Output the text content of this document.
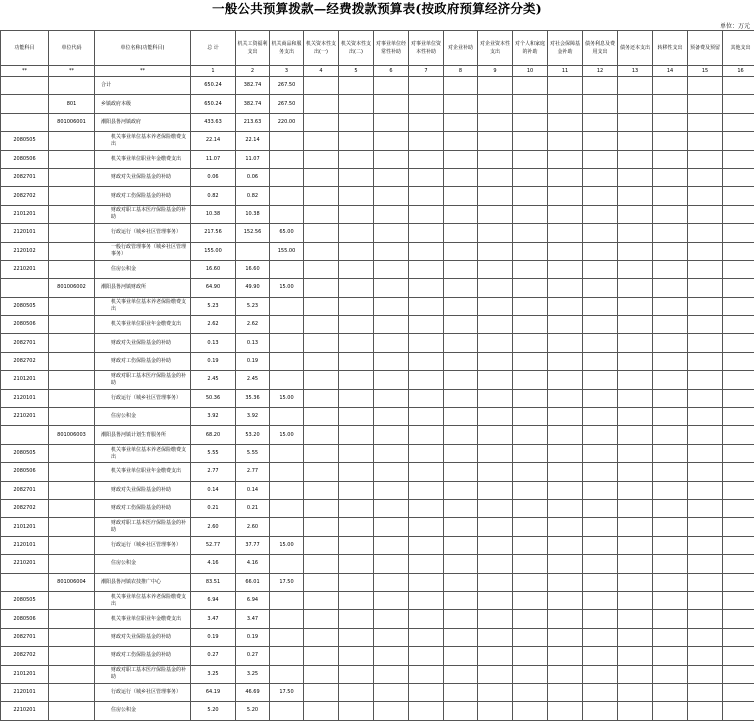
一般公共预算拨款—经费拨款预算表(按政府预算经济分类)
单位：万元
功能科目	单位代码	单位名称(功能科目)	总 计	机关工资福利支出	机关商品和服务支出	机关资本性支出(一)	机关资本性支出(二)	对事业单位经常性补助	对事业单位资本性补助	对企业补助	对企业资本性支出	对个人和家庭的补助	对社会保障基金补助	债务利息及费用支出	债务还本支出	转移性支出	预备费及预留	其他支出
**	**	**	1	2	3	4	5	6	7	8	9	10	11	12	13	14	15	16
		合计	650.24	382.74	267.50													
	801	乡镇政府本级	650.24	382.74	267.50													
	801006001	潮阳县鲁河镇政府	433.63	213.63	220.00													
2080505		机关事业单位基本养老保险缴费支出	22.14	22.14														
2080506		机关事业单位职业年金缴费支出	11.07	11.07														
2082701		财政对失业保险基金的补助	0.06	0.06														
2082702		财政对工伤保险基金的补助	0.82	0.82														
2101201		财政对职工基本医疗保险基金的补助	10.38	10.38														
2120101		行政运行（城乡社区管理事务）	217.56	152.56	65.00													
2120102		一般行政管理事务（城乡社区管理事务）	155.00		155.00													
2210201		住房公积金	16.60	16.60														
	801006002	潮阳县鲁河镇财政所	64.90	49.90	15.00													
2080505		机关事业单位基本养老保险缴费支出	5.23	5.23														
2080506		机关事业单位职业年金缴费支出	2.62	2.62														
2082701		财政对失业保险基金的补助	0.13	0.13														
2082702		财政对工伤保险基金的补助	0.19	0.19														
2101201		财政对职工基本医疗保险基金的补助	2.45	2.45														
2120101		行政运行（城乡社区管理事务）	50.36	35.36	15.00													
2210201		住房公积金	3.92	3.92														
	801006003	潮阳县鲁河镇计划生育服务所	68.20	53.20	15.00													
2080505		机关事业单位基本养老保险缴费支出	5.55	5.55														
2080506		机关事业单位职业年金缴费支出	2.77	2.77														
2082701		财政对失业保险基金的补助	0.14	0.14														
2082702		财政对工伤保险基金的补助	0.21	0.21														
2101201		财政对职工基本医疗保险基金的补助	2.60	2.60														
2120101		行政运行（城乡社区管理事务）	52.77	37.77	15.00													
2210201		住房公积金	4.16	4.16														
	801006004	潮阳县鲁河镇农技推广中心	83.51	66.01	17.50													
2080505		机关事业单位基本养老保险缴费支出	6.94	6.94														
2080506		机关事业单位职业年金缴费支出	3.47	3.47														
2082701		财政对失业保险基金的补助	0.19	0.19														
2082702		财政对工伤保险基金的补助	0.27	0.27														
2101201		财政对职工基本医疗保险基金的补助	3.25	3.25														
2120101		行政运行（城乡社区管理事务）	64.19	46.69	17.50													
2210201		住房公积金	5.20	5.20														
